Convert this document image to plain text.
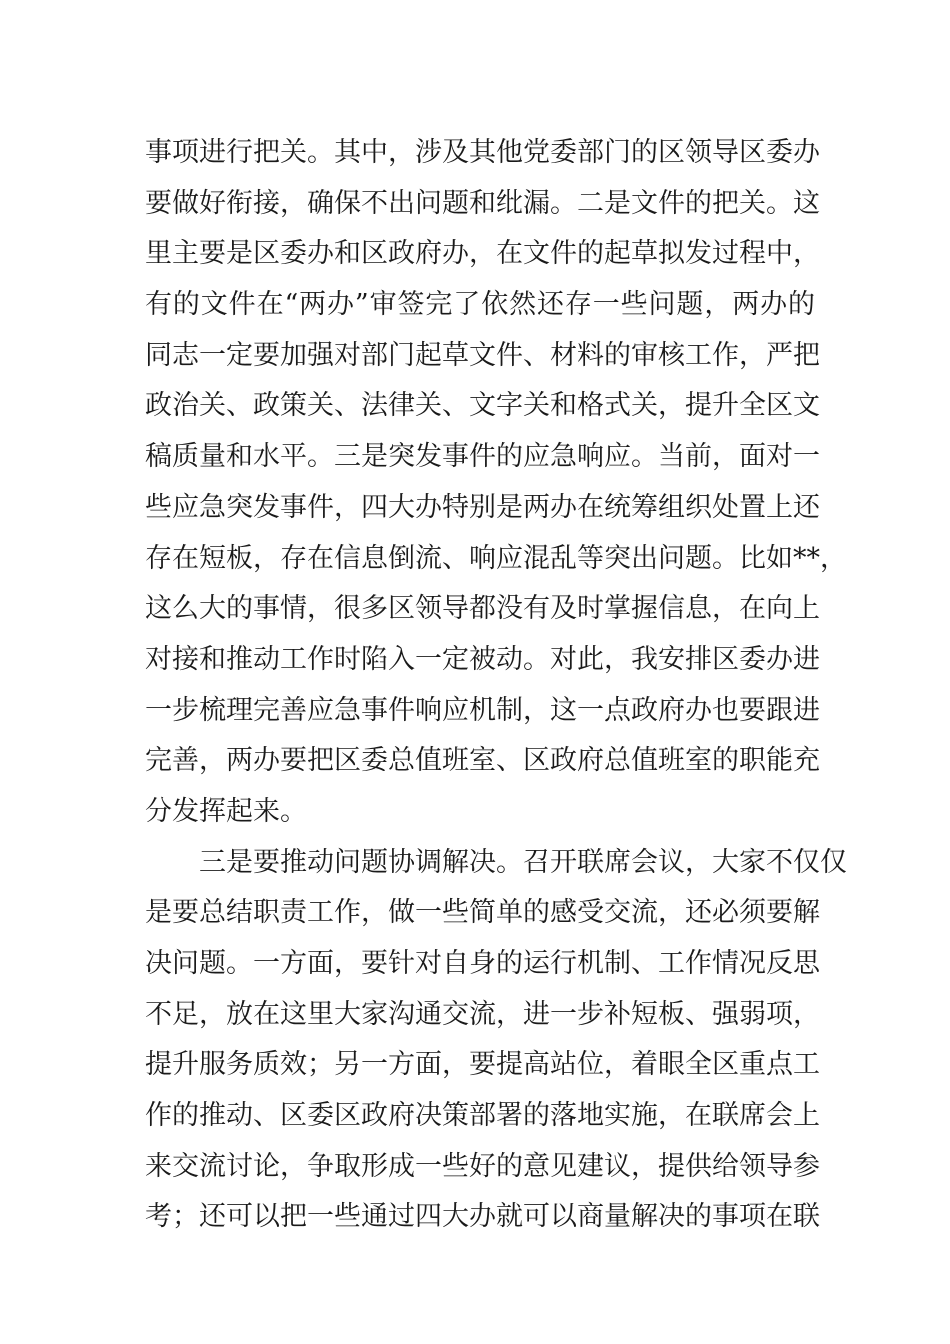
事项进行把关。其中，涉及其他党委部门的区领导区委办
要做好衔接，确保不出问题和纰漏。二是文件的把关。这
里主要是区委办和区政府办，在文件的起草拟发过程中，
有的文件在“两办”审签完了依然还存一些问题，两办的
同志一定要加强对部门起草文件、材料的审核工作，严把
政治关、政策关、法律关、文字关和格式关，提升全区文
稿质量和水平。三是突发事件的应急响应。当前，面对一
些应急突发事件，四大办特别是两办在统筹组织处置上还
存在短板，存在信息倒流、响应混乱等突出问题。比如**，
这么大的事情，很多区领导都没有及时掌握信息，在向上
对接和推动工作时陷入一定被动。对此，我安排区委办进
一步梳理完善应急事件响应机制，这一点政府办也要跟进
完善，两办要把区委总值班室、区政府总值班室的职能充
分发挥起来。
三是要推动问题协调解决。召开联席会议，大家不仅仅
是要总结职责工作，做一些简单的感受交流，还必须要解
决问题。一方面，要针对自身的运行机制、工作情况反思
不足，放在这里大家沟通交流，进一步补短板、强弱项，
提升服务质效；另一方面，要提高站位，着眼全区重点工
作的推动、区委区政府决策部署的落地实施，在联席会上
来交流讨论，争取形成一些好的意见建议，提供给领导参
考；还可以把一些通过四大办就可以商量解决的事项在联
